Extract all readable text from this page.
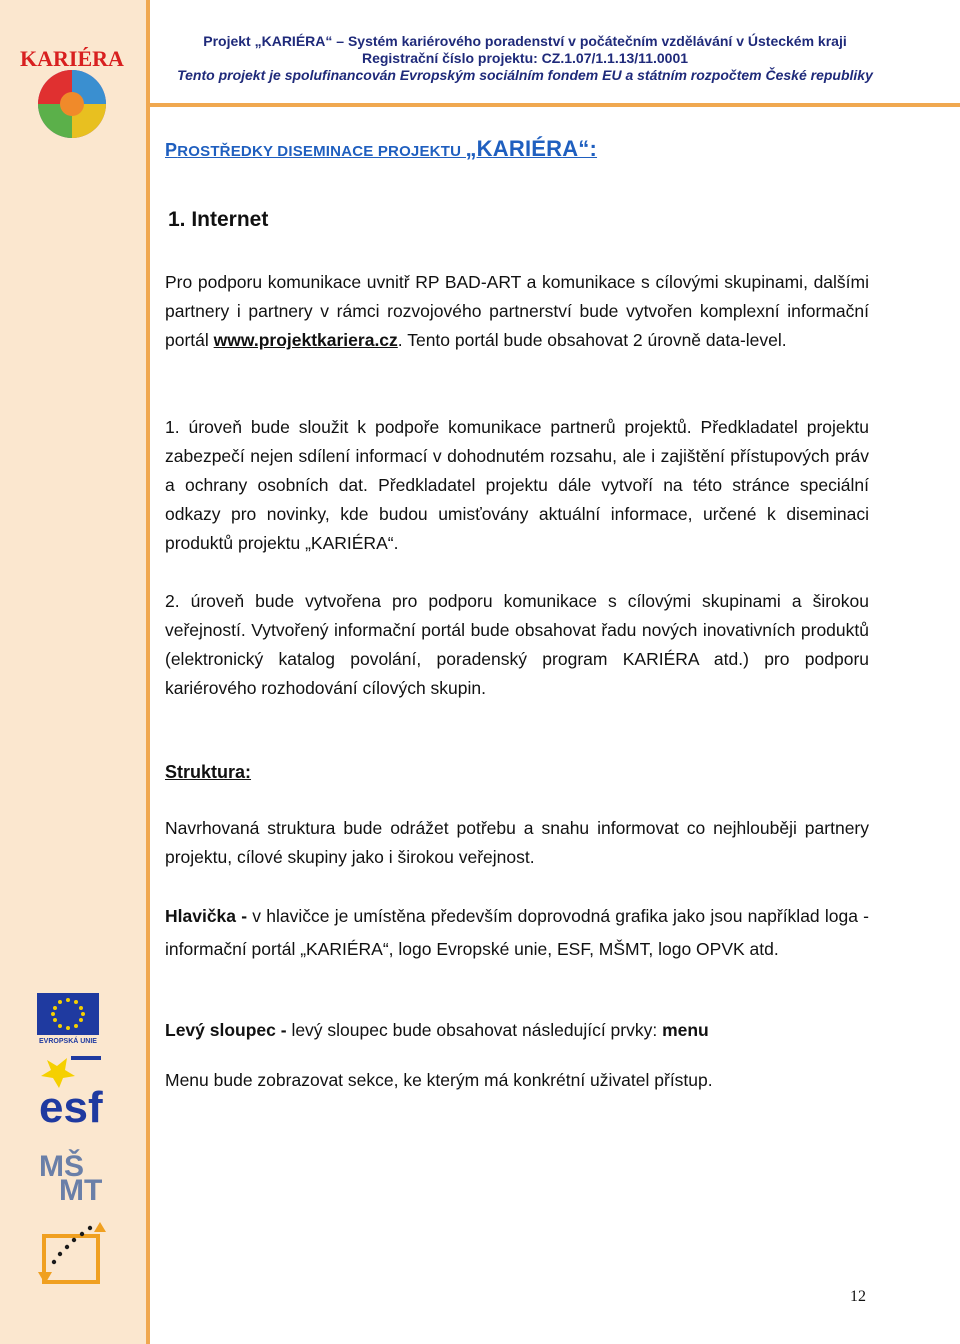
KARIÉRA
Projekt „KARIÉRA“ – Systém kariérového poradenství v počátečním vzdělávání v Ústeckém kraji
Registrační číslo projektu: CZ.1.07/1.1.13/11.0001
Tento projekt je spolufinancován Evropským sociálním fondem EU a státním rozpočtem České republiky
PROSTŘEDKY DISEMINACE PROJEKTU „KARIÉRA“:
1. Internet
Pro podporu komunikace uvnitř RP BAD-ART a komunikace s cílovými skupinami, dalšími partnery i partnery v rámci rozvojového partnerství bude vytvořen komplexní informační portál www.projektkariera.cz. Tento portál bude obsahovat 2 úrovně data-level.
1. úroveň bude sloužit k podpoře komunikace partnerů projektů. Předkladatel projektu zabezpečí nejen sdílení informací v dohodnutém rozsahu, ale i zajištění přístupových práv a ochrany osobních dat. Předkladatel projektu dále vytvoří na této stránce speciální odkazy pro novinky, kde budou umisťovány aktuální informace, určené k diseminaci produktů projektu „KARIÉRA“.
2. úroveň bude vytvořena pro podporu komunikace s cílovými skupinami a širokou veřejností. Vytvořený informační portál bude obsahovat řadu nových inovativních produktů (elektronický katalog povolání, poradenský program KARIÉRA atd.) pro podporu kariérového rozhodování cílových skupin.
Struktura:
Navrhovaná struktura bude odrážet potřebu a snahu informovat co nejhlouběji partnery projektu, cílové skupiny jako i širokou veřejnost.
Hlavička - v hlavičce je umístěna především doprovodná grafika jako jsou například loga - informační portál „KARIÉRA“, logo Evropské unie, ESF, MŠMT, logo OPVK atd.
Levý sloupec - levý sloupec bude obsahovat následující prvky: menu
Menu bude zobrazovat sekce, ke kterým má konkrétní uživatel přístup.
EVROPSKÁ UNIE
esf
MŠ
MT
12
